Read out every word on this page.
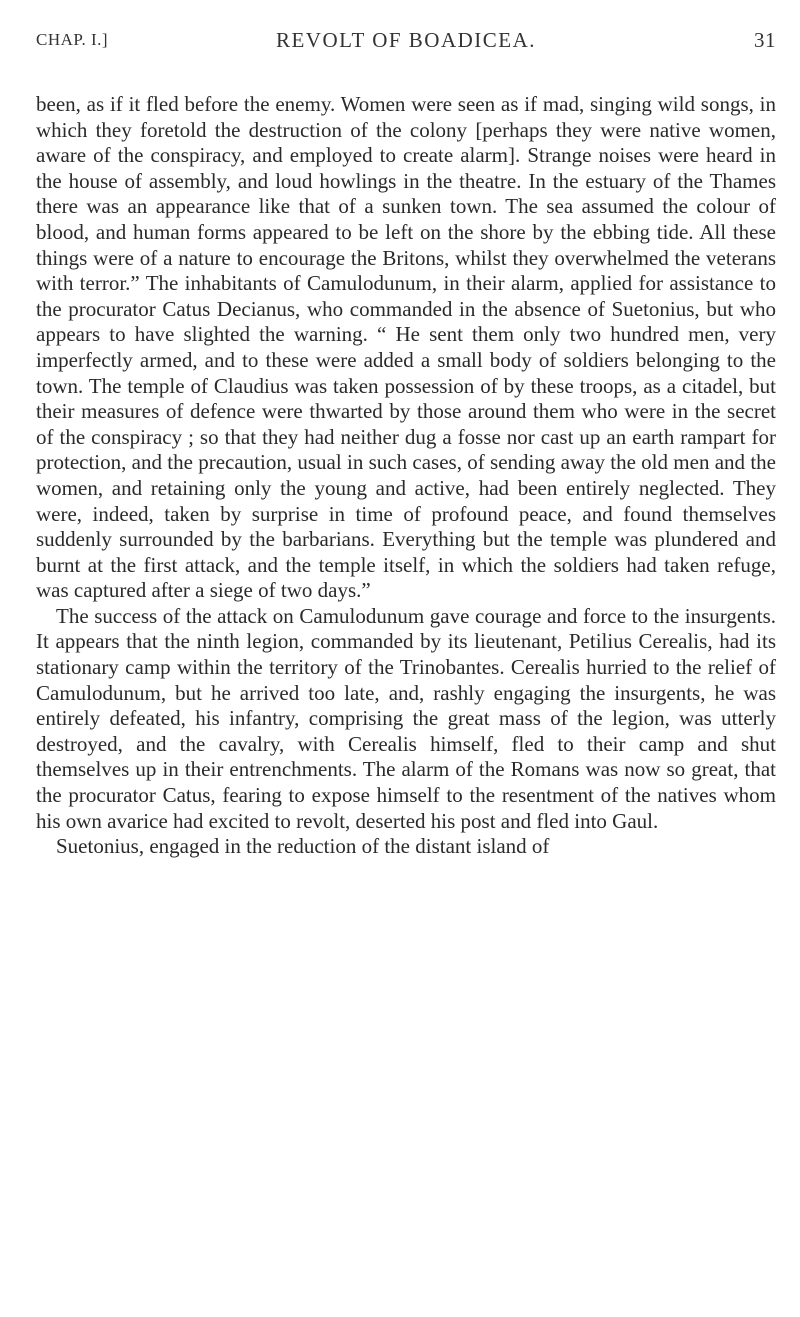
CHAP. I.]	REVOLT OF BOADICEA.	31

been, as if it fled before the enemy. Women were seen as if mad, singing wild songs, in which they foretold the destruction of the colony [perhaps they were native women, aware of the conspiracy, and employed to create alarm]. Strange noises were heard in the house of assembly, and loud howlings in the theatre. In the estuary of the Thames there was an appearance like that of a sunken town. The sea assumed the colour of blood, and human forms appeared to be left on the shore by the ebbing tide. All these things were of a nature to encourage the Britons, whilst they overwhelmed the veterans with terror.” The inhabitants of Camulodunum, in their alarm, applied for assistance to the procurator Catus Decianus, who commanded in the absence of Suetonius, but who appears to have slighted the warning. “ He sent them only two hundred men, very imperfectly armed, and to these were added a small body of soldiers belonging to the town. The temple of Claudius was taken possession of by these troops, as a citadel, but their measures of defence were thwarted by those around them who were in the secret of the conspiracy ; so that they had neither dug a fosse nor cast up an earth rampart for protection, and the precaution, usual in such cases, of sending away the old men and the women, and retaining only the young and active, had been entirely neglected. They were, indeed, taken by surprise in time of profound peace, and found themselves suddenly surrounded by the barbarians. Everything but the temple was plundered and burnt at the first attack, and the temple itself, in which the soldiers had taken refuge, was captured after a siege of two days.”

The success of the attack on Camulodunum gave courage and force to the insurgents. It appears that the ninth legion, commanded by its lieutenant, Petilius Cerealis, had its stationary camp within the territory of the Trinobantes. Cerealis hurried to the relief of Camulodunum, but he arrived too late, and, rashly engaging the insurgents, he was entirely defeated, his infantry, comprising the great mass of the legion, was utterly destroyed, and the cavalry, with Cerealis himself, fled to their camp and shut themselves up in their entrenchments. The alarm of the Romans was now so great, that the procurator Catus, fearing to expose himself to the resentment of the natives whom his own avarice had excited to revolt, deserted his post and fled into Gaul.

Suetonius, engaged in the reduction of the distant island of
